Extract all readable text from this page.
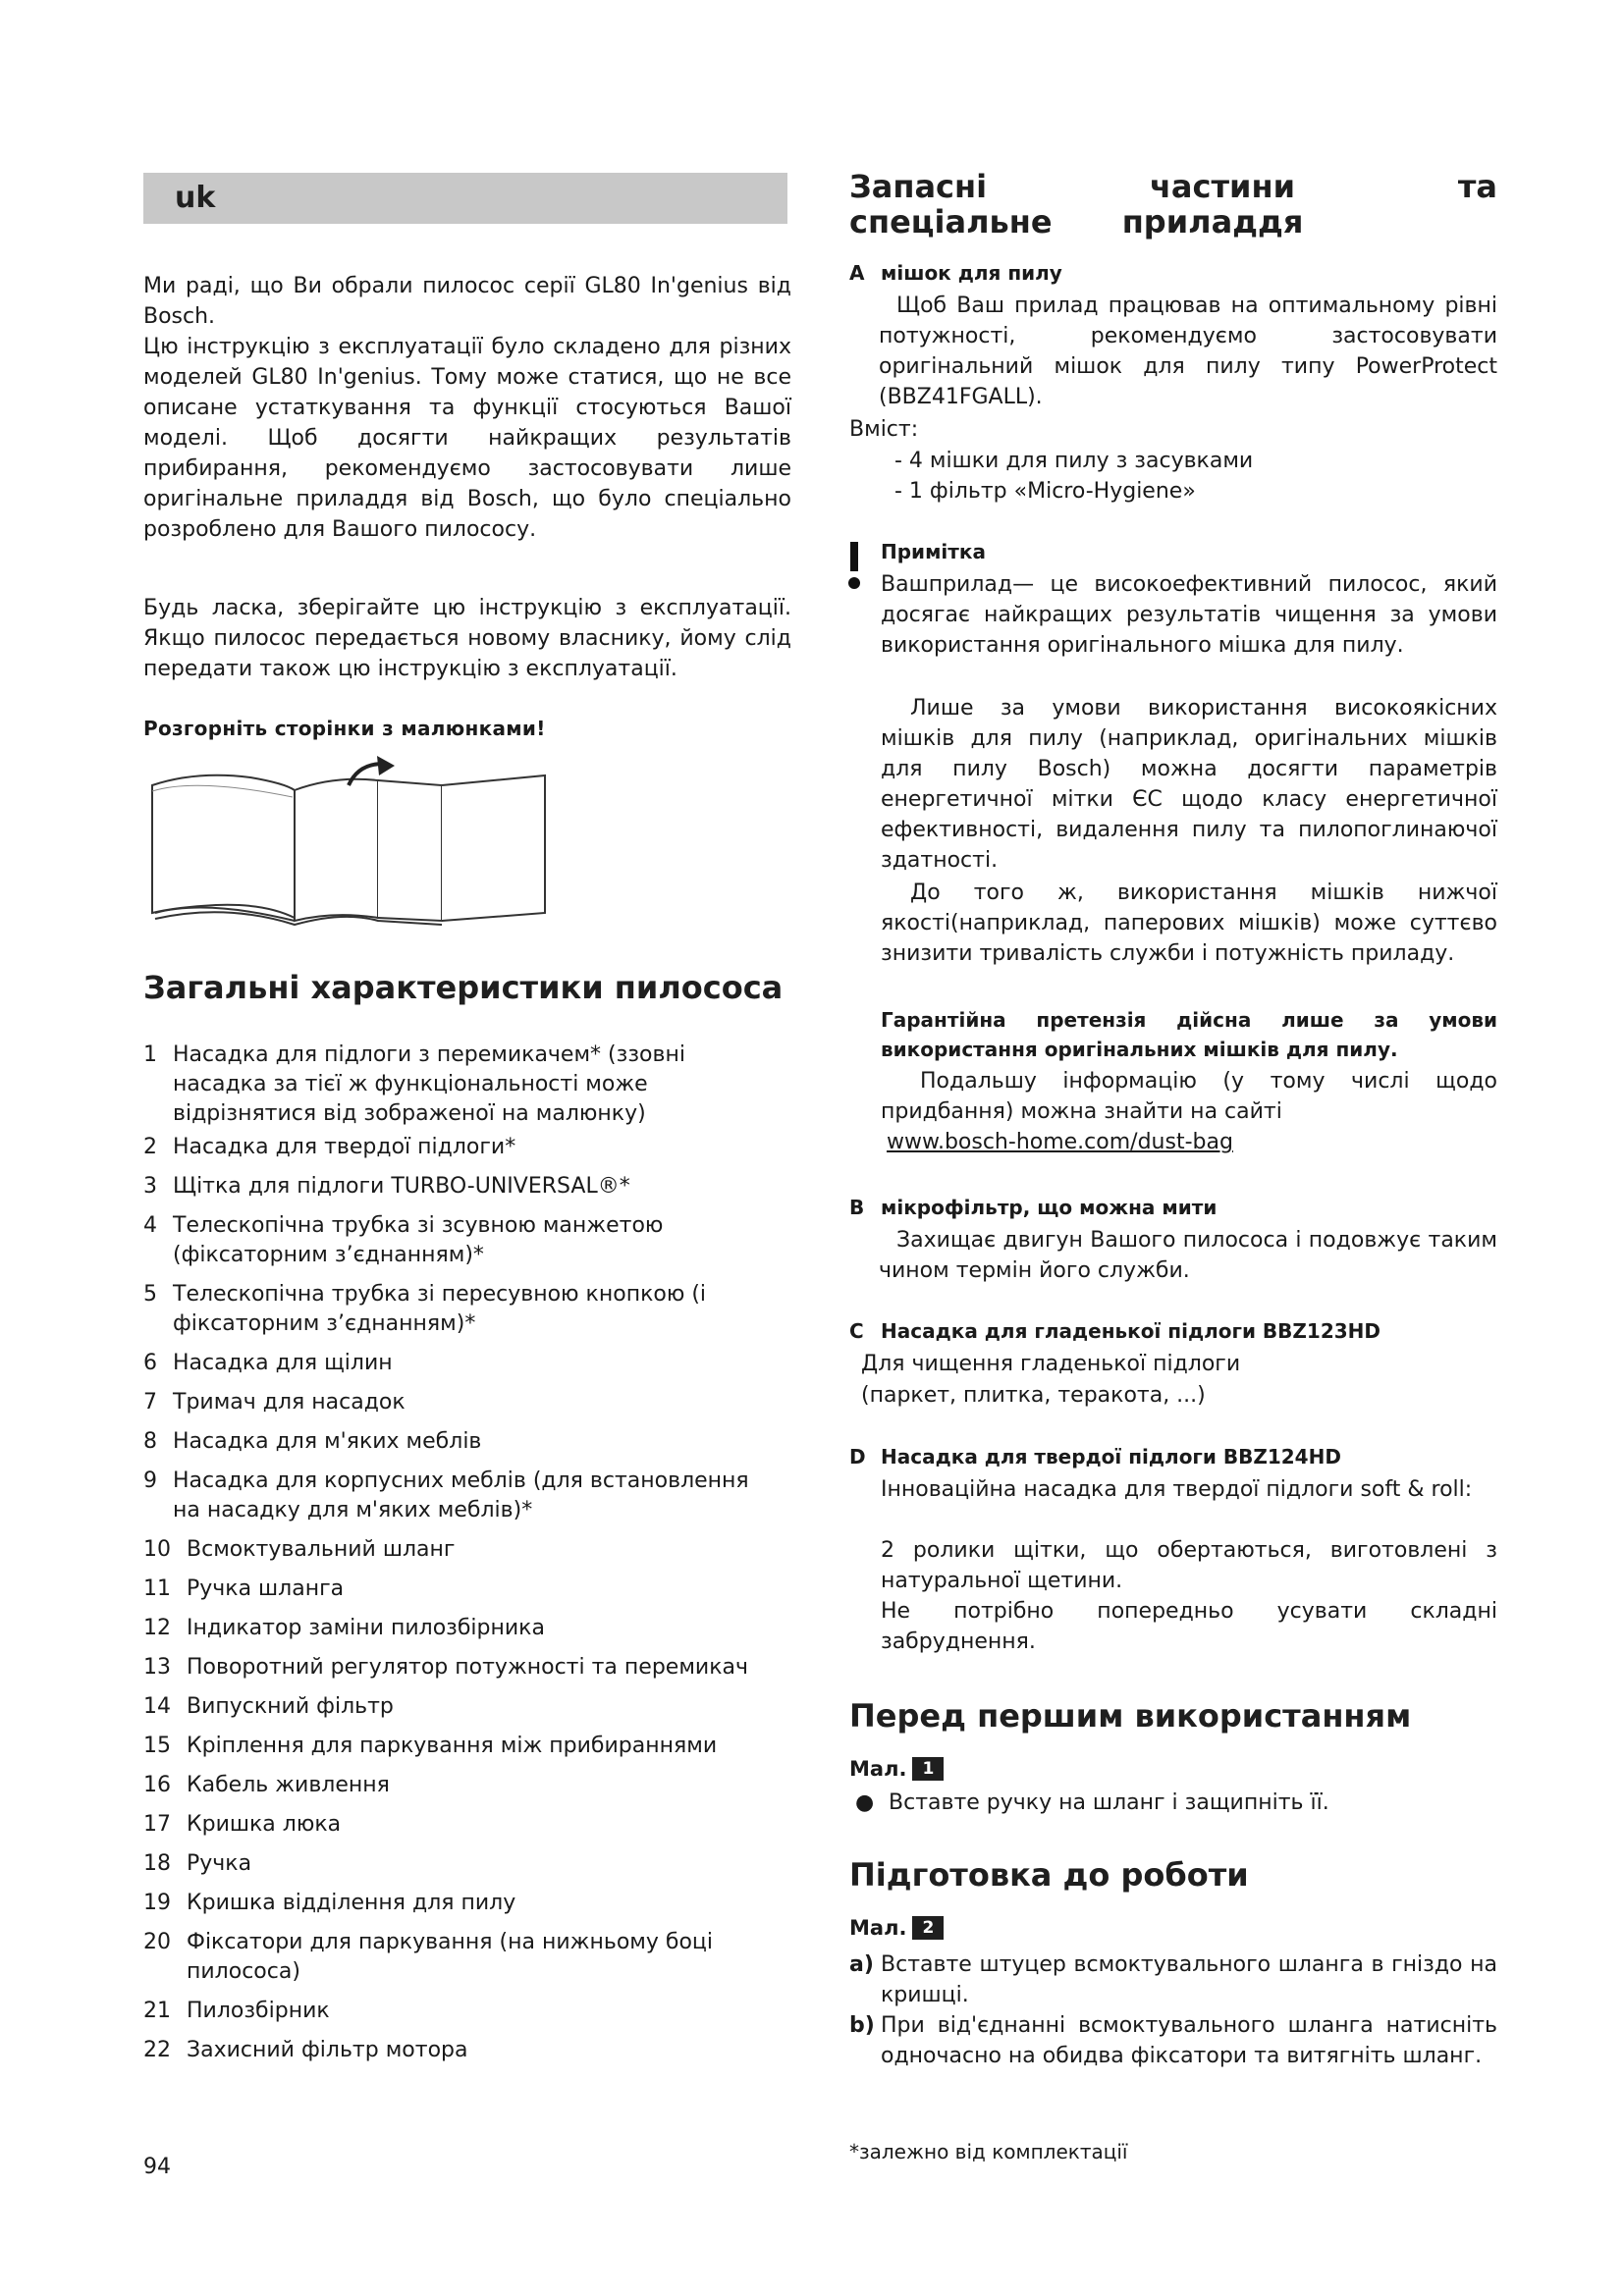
uk

Ми раді, що Ви обрали пилосос серії GL80 In'genius від Bosch.

Цю інструкцію з експлуатації було складено для різних моделей GL80 In'genius. Тому може статися, що не все описане устаткування та функції стосуються Вашої моделі. Щоб досягти найкращих результатів прибирання, рекомендуємо застосовувати лише оригінальне приладдя від Bosch, що було спеціально розроблено для Вашого пилососу.

Будь ласка, зберігайте цю інструкцію з експлуатації. Якщо пилосос передається новому власнику, йому слід передати також цю інструкцію з експлуатації.

Розгорніть сторінки з малюнками!
Загальні характеристики пилососа
1 Насадка для підлоги з перемикачем* (ззовні насадка за тієї ж функціональності може відрізнятися від зображеної на малюнку)
2 Насадка для твердої підлоги*
3 Щітка для підлоги TURBO-UNIVERSAL®*
4 Телескопічна трубка зі зсувною манжетою (фіксаторним з’єднанням)*
5 Телескопічна трубка зі пересувною кнопкою (і фіксаторним з’єднанням)*
6 Насадка для щілин
7 Тримач для насадок
8 Насадка для м'яких меблів
9 Насадка для корпусних меблів (для встановлення на насадку для м'яких меблів)*
10 Всмоктувальний шланг
11 Ручка шланга
12 Індикатор заміни пилозбірника
13 Поворотний регулятор потужності та перемикач
14 Випускний фільтр
15 Кріплення для паркування між прибираннями
16 Кабель живлення
17 Кришка люка
18 Ручка
19 Кришка відділення для пилу
20 Фіксатори для паркування (на нижньому боці пилососа)
21 Пилозбірник
22 Захисний фільтр мотора
94
Запасні частини та спеціальне приладдя
A мішок для пилу
Щоб Ваш прилад працював на оптимальному рівні потужності, рекомендуємо застосовувати оригінальний мішок для пилу типу PowerProtect (BBZ41FGALL).
Вміст:
- 4 мішки для пилу з засувками
- 1 фільтр «Micro-Hygiene»
Примітка
Вашприлад— це високоефективний пилосос, який досягає найкращих результатів чищення за умови використання оригінального мішка для пилу.
Лише за умови використання високоякісних мішків для пилу (наприклад, оригінальних мішків для пилу Bosch) можна досягти параметрів енергетичної мітки ЄС щодо класу енергетичної ефективності, видалення пилу та пилопоглинаючої здатності.
До того ж, використання мішків нижчої якості(наприклад, паперових мішків) може суттєво знизити тривалість служби і потужність приладу.
Гарантійна претензія дійсна лише за умови використання оригінальних мішків для пилу.
Подальшу інформацію (у тому числі щодо придбання) можна знайти на сайті
www.bosch-home.com/dust-bag
B мікрофільтр, що можна мити
Захищає двигун Вашого пилососа і подовжує таким чином термін його служби.
C Насадка для гладенької підлоги BBZ123HD
Для чищення гладенької підлоги
(паркет, плитка, теракота, ...)
D Насадка для твердої підлоги BBZ124HD
Інноваційна насадка для твердої підлоги soft & roll:
2 ролики щітки, що обертаються, виготовлені з натуральної щетини.
Не потрібно попередньо усувати складні забруднення.
Перед першим використанням
Мал. 1
● Вставте ручку на шланг і защипніть її.
Підготовка до роботи
Мал. 2
a) Вставте штуцер всмоктувального шланга в гніздо на кришці.
b) При від'єднанні всмоктувального шланга натисніть одночасно на обидва фіксатори та витягніть шланг.
*залежно від комплектації
